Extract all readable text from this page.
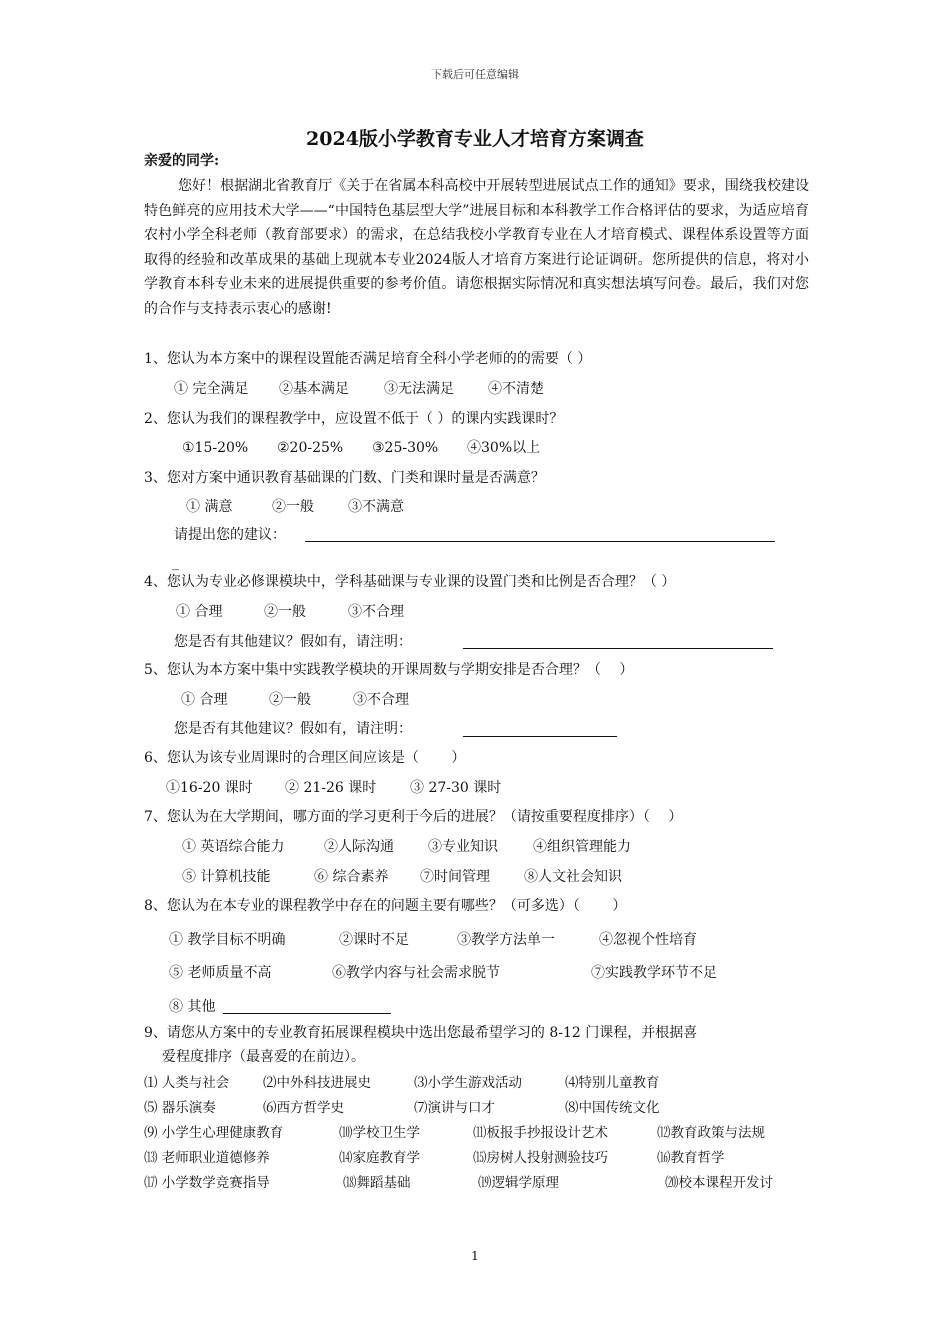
下载后可任意编辑
2024版小学教育专业人才培育方案调查
亲爱的同学:
您好！根据湖北省教育厅《关于在省属本科高校中开展转型进展试点工作的通知》要求，围绕我校建设特色鲜亮的应用技术大学——“中国特色基层型大学”进展目标和本科教学工作合格评估的要求，为适应培育农村小学全科老师（教育部要求）的需求，在总结我校小学教育专业在人才培育模式、课程体系设置等方面取得的经验和改革成果的基础上现就本专业2024版人才培育方案进行论证调研。您所提供的信息，将对小学教育本科专业未来的进展提供重要的参考价值。请您根据实际情况和真实想法填写问卷。最后，我们对您的合作与支持表示衷心的感谢!
1、您认为本方案中的课程设置能否满足培育全科小学老师的的需要（ ）
① 完全满足 ②基本满足	③无法满足 ④不清楚
2、您认为我们的课程教学中，应设置不低于（ ）的课内实践课时？
①15-20% ②20-25% ③25-30% ④30%以上
3、您对方案中通识教育基础课的门数、门类和课时量是否满意？
① 满意	②一般 ③不满意
请提出您的建议：
_
4、您认为专业必修课模块中，学科基础课与专业课的设置门类和比例是否合理？（ ）
① 合理	②一般	③不合理
您是否有其他建议？假如有，请注明：
5、您认为本方案中集中实践教学模块的开课周数与学期安排是否合理？（　 ）
① 合理	②一般	③不合理
您是否有其他建议？假如有，请注明：
6、您认为该专业周课时的合理区间应该是（　　 ）
①16-20 课时 ② 21-26 课时 ③ 27-30 课时
7、您认为在大学期间，哪方面的学习更利于今后的进展？（请按重要程度排序）（　 ）
① 英语综合能力	②人际沟通 ③专业知识	④组织管理能力
⑤ 计算机技能	⑥ 综合素养 ⑦时间管理 ⑧人文社会知识
8、您认为在本专业的课程教学中存在的问题主要有哪些？（可多选）（　　 ）
① 教学目标不明确	②课时不足	③教学方法单一	④忽视个性培育
⑤ 老师质量不高	⑥教学内容与社会需求脱节	⑦实践教学环节不足
⑧ 其他
9、请您从方案中的专业教育拓展课程模块中选出您最希望学习的 8-12 门课程，并根据喜
爱程度排序（最喜爱的在前边）。
⑴ 人类与社会 ⑵中外科技进展史	⑶小学生游戏活动	⑷特别儿童教育
⑸ 器乐演奏	⑹西方哲学史	⑺演讲与口才	⑻中国传统文化
⑼ 小学生心理健康教育	⑽学校卫生学	⑾板报手抄报设计艺术	⑿教育政策与法规
⒀ 老师职业道德修养	⒁家庭教育学	⒂房树人投射测验技巧	⒃教育哲学
⒄ 小学数学竞赛指导	⒅舞蹈基础	⒆逻辑学原理	⒇校本课程开发讨
1
